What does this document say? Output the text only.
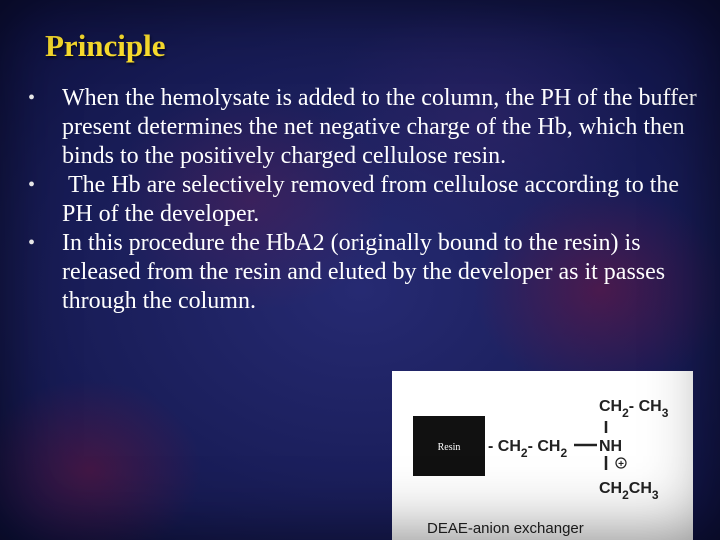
Principle
• When the hemolysate is added to the column, the PH of the buffer present determines the net negative charge of the Hb, which then binds to the positively charged cellulose resin.
• The Hb are selectively removed from cellulose according to the PH of the developer.
• In this procedure the HbA2 (originally bound to the resin) is released from the resin and eluted by the developer as it passes through the column.
Resin - $CH_2-$ $CH_2$
$CH_2-$ $CH_3$
NH
+
$CH_2CH_3$
DEAE-anion exchanger
